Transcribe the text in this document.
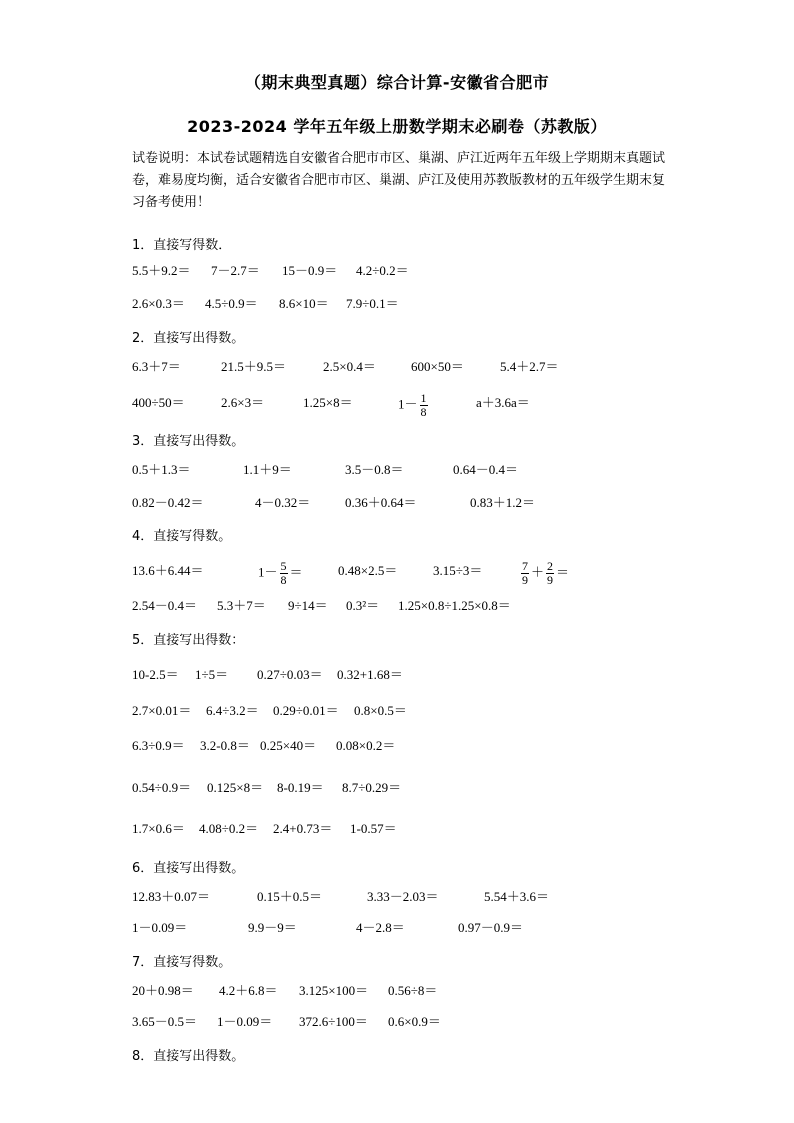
（期末典型真题）综合计算-安徽省合肥市
2023-2024 学年五年级上册数学期末必刷卷（苏教版）
试卷说明：本试卷试题精选自安徽省合肥市市区、巢湖、庐江近两年五年级上学期期末真题试卷，难易度均衡，适合安徽省合肥市市区、巢湖、庐江及使用苏教版教材的五年级学生期末复习备考使用！
1．直接写得数．
5.5＋9.2＝ 7－2.7＝ 15－0.9＝ 4.2÷0.2＝
2.6×0.3＝ 4.5÷0.9＝ 8.6×10＝ 7.9÷0.1＝
2．直接写出得数。
6.3＋7＝	21.5＋9.5＝	2.5×0.4＝	600×50＝	5.4＋2.7＝
400÷50＝	2.6×3＝	1.25×8＝	$1- \frac{1}{8}$	a＋3.6a＝
3．直接写出得数。
0.5＋1.3＝	1.1＋9＝	3.5－0.8＝	0.64－0.4＝
0.82－0.42＝	4－0.32＝	0.36＋0.64＝	0.83＋1.2＝
4．直接写得数。
13.6＋6.44＝	$1- \frac{5}{8}$ ＝	0.48×2.5＝	3.15÷3＝	$\frac{7}{9} + \frac{2}{9}$ ＝
2.54－0.4＝ 5.3＋7＝ 9÷14＝ 0.3²＝ 1.25×0.8÷1.25×0.8＝
5．直接写出得数：
10-2.5＝ 1÷5＝ 0.27÷0.03＝ 0.32+1.68＝
2.7×0.01＝ 6.4÷3.2＝ 0.29÷0.01＝ 0.8×0.5＝
6.3÷0.9＝ 3.2-0.8＝ 0.25×40＝ 0.08×0.2＝
0.54÷0.9＝ 0.125×8＝ 8-0.19＝ 8.7÷0.29＝
1.7×0.6＝ 4.08÷0.2＝ 2.4+0.73＝ 1-0.57＝
6．直接写出得数。
12.83＋0.07＝	0.15＋0.5＝	3.33－2.03＝	5.54＋3.6＝
1－0.09＝	9.9－9＝	4－2.8＝	0.97－0.9＝
7．直接写得数。
20＋0.98＝ 4.2＋6.8＝ 3.125×100＝ 0.56÷8＝
3.65－0.5＝ 1－0.09＝ 372.6÷100＝ 0.6×0.9＝
8．直接写出得数。
